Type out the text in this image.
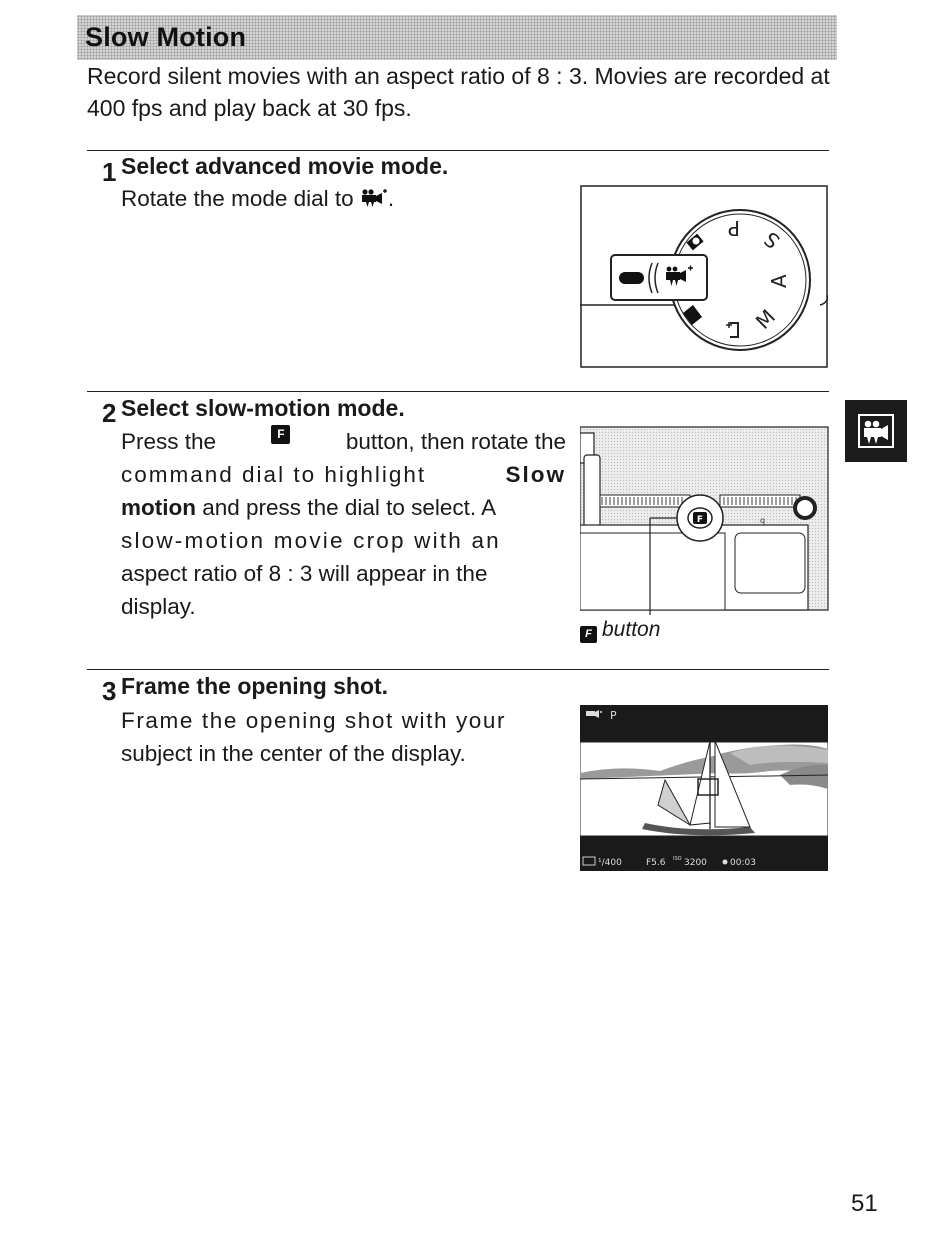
Slow Motion
Record silent movies with an aspect ratio of 8 : 3. Movies are recorded at 400 fps and play back at 30 fps.
1 Select advanced movie mode.
Rotate the mode dial to .
P S
A
M
2 Select slow-motion mode.
Press the	F	button, then rotate the
command dial to highlight	Slow
motion and press the dial to select. A
slow-motion movie crop with an
aspect ratio of 8 : 3 will appear in the
display.
q
F
F button
3 Frame the opening shot.
Frame the opening shot with your
subject in the center of the display.
P
¹/400	F5.6 ISO 3200	00:03
51
